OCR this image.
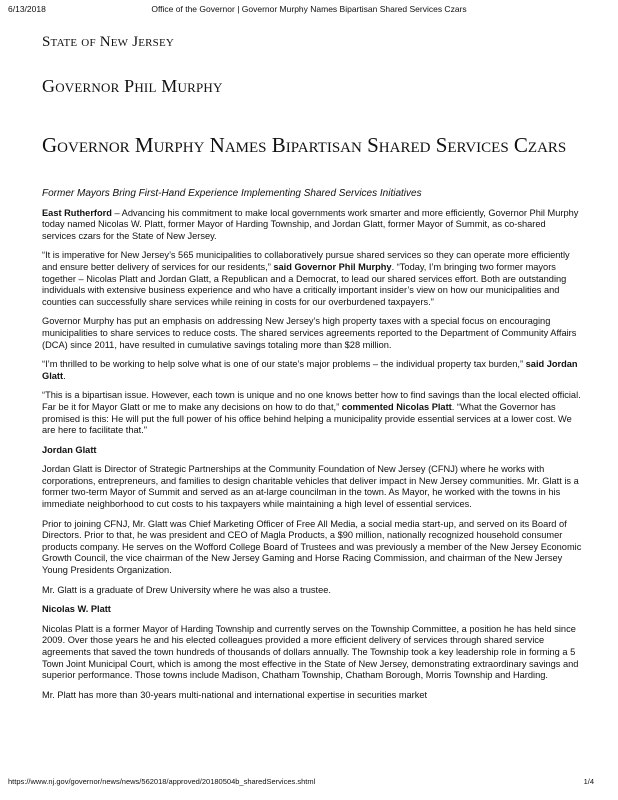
6/13/2018	Office of the Governor | Governor Murphy Names Bipartisan Shared Services Czars
State of New Jersey
Governor Phil Murphy
Governor Murphy Names Bipartisan Shared Services Czars

Former Mayors Bring First-Hand Experience Implementing Shared Services Initiatives

East Rutherford – Advancing his commitment to make local governments work smarter and more efficiently, Governor Phil Murphy today named Nicolas W. Platt, former Mayor of Harding Township, and Jordan Glatt, former Mayor of Summit, as co-shared services czars for the State of New Jersey.

“It is imperative for New Jersey’s 565 municipalities to collaboratively pursue shared services so they can operate more efficiently and ensure better delivery of services for our residents,” said Governor Phil Murphy. “Today, I’m bringing two former mayors together – Nicolas Platt and Jordan Glatt, a Republican and a Democrat, to lead our shared services effort. Both are outstanding individuals with extensive business experience and who have a critically important insider’s view on how our municipalities and counties can successfully share services while reining in costs for our overburdened taxpayers.”

Governor Murphy has put an emphasis on addressing New Jersey’s high property taxes with a special focus on encouraging municipalities to share services to reduce costs. The shared services agreements reported to the Department of Community Affairs (DCA) since 2011, have resulted in cumulative savings totaling more than $28 million.

“I’m thrilled to be working to help solve what is one of our state’s major problems – the individual property tax burden,” said Jordan Glatt.

“This is a bipartisan issue. However, each town is unique and no one knows better how to find savings than the local elected official. Far be it for Mayor Glatt or me to make any decisions on how to do that,” commented Nicolas Platt. “What the Governor has promised is this: He will put the full power of his office behind helping a municipality provide essential services at a lower cost. We are here to facilitate that."

Jordan Glatt

Jordan Glatt is Director of Strategic Partnerships at the Community Foundation of New Jersey (CFNJ) where he works with corporations, entrepreneurs, and families to design charitable vehicles that deliver impact in New Jersey communities. Mr. Glatt is a former two-term Mayor of Summit and served as an at-large councilman in the town. As Mayor, he worked with the towns in his immediate neighborhood to cut costs to his taxpayers while maintaining a high level of essential services.

Prior to joining CFNJ, Mr. Glatt was Chief Marketing Officer of Free All Media, a social media start-up, and served on its Board of Directors. Prior to that, he was president and CEO of Magla Products, a $90 million, nationally recognized household consumer products company. He serves on the Wofford College Board of Trustees and was previously a member of the New Jersey Economic Growth Council, the vice chairman of the New Jersey Gaming and Horse Racing Commission, and chairman of the New Jersey Young Presidents Organization.

Mr. Glatt is a graduate of Drew University where he was also a trustee.

Nicolas W. Platt

Nicolas Platt is a former Mayor of Harding Township and currently serves on the Township Committee, a position he has held since 2009. Over those years he and his elected colleagues provided a more efficient delivery of services through shared service agreements that saved the town hundreds of thousands of dollars annually. The Township took a key leadership role in forming a 5 Town Joint Municipal Court, which is among the most effective in the State of New Jersey, demonstrating extraordinary savings and superior performance. Those towns include Madison, Chatham Township, Chatham Borough, Morris Township and Harding.

Mr. Platt has more than 30-years multi-national and international expertise in securities market

https://www.nj.gov/governor/news/news/562018/approved/20180504b_sharedServices.shtml	1/4
